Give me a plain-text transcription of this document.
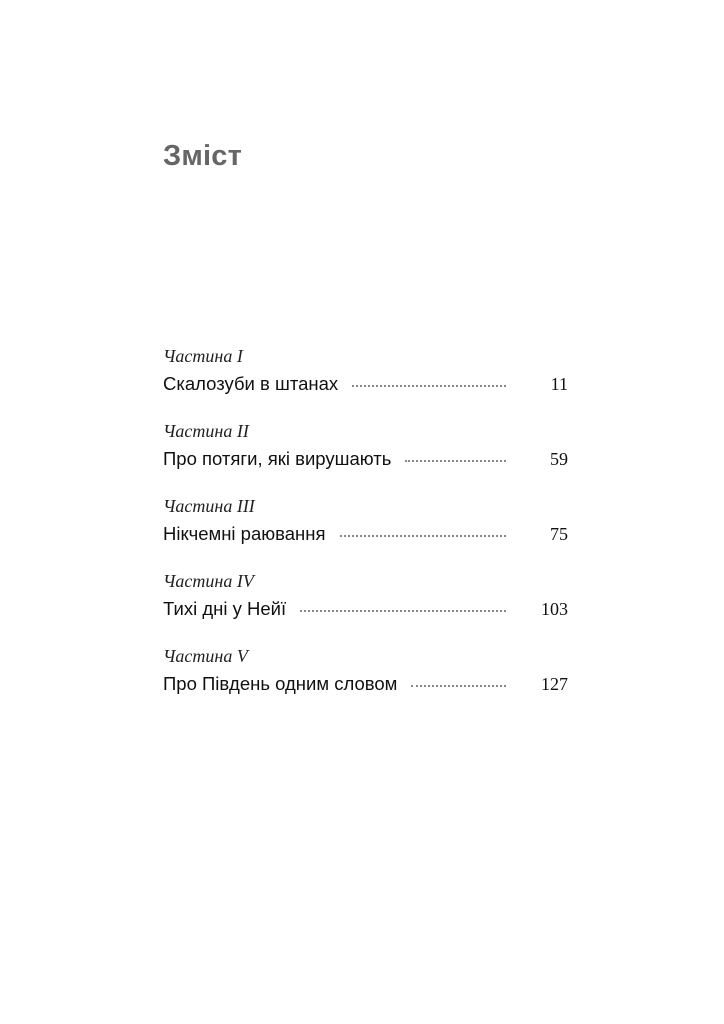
Зміст
Частина I
Скалозуби в штанах	11
Частина II
Про потяги, які вирушають	59
Частина III
Нікчемні раювання	75
Частина IV
Тихі дні у Нейї	103
Частина V
Про Південь одним словом	127
